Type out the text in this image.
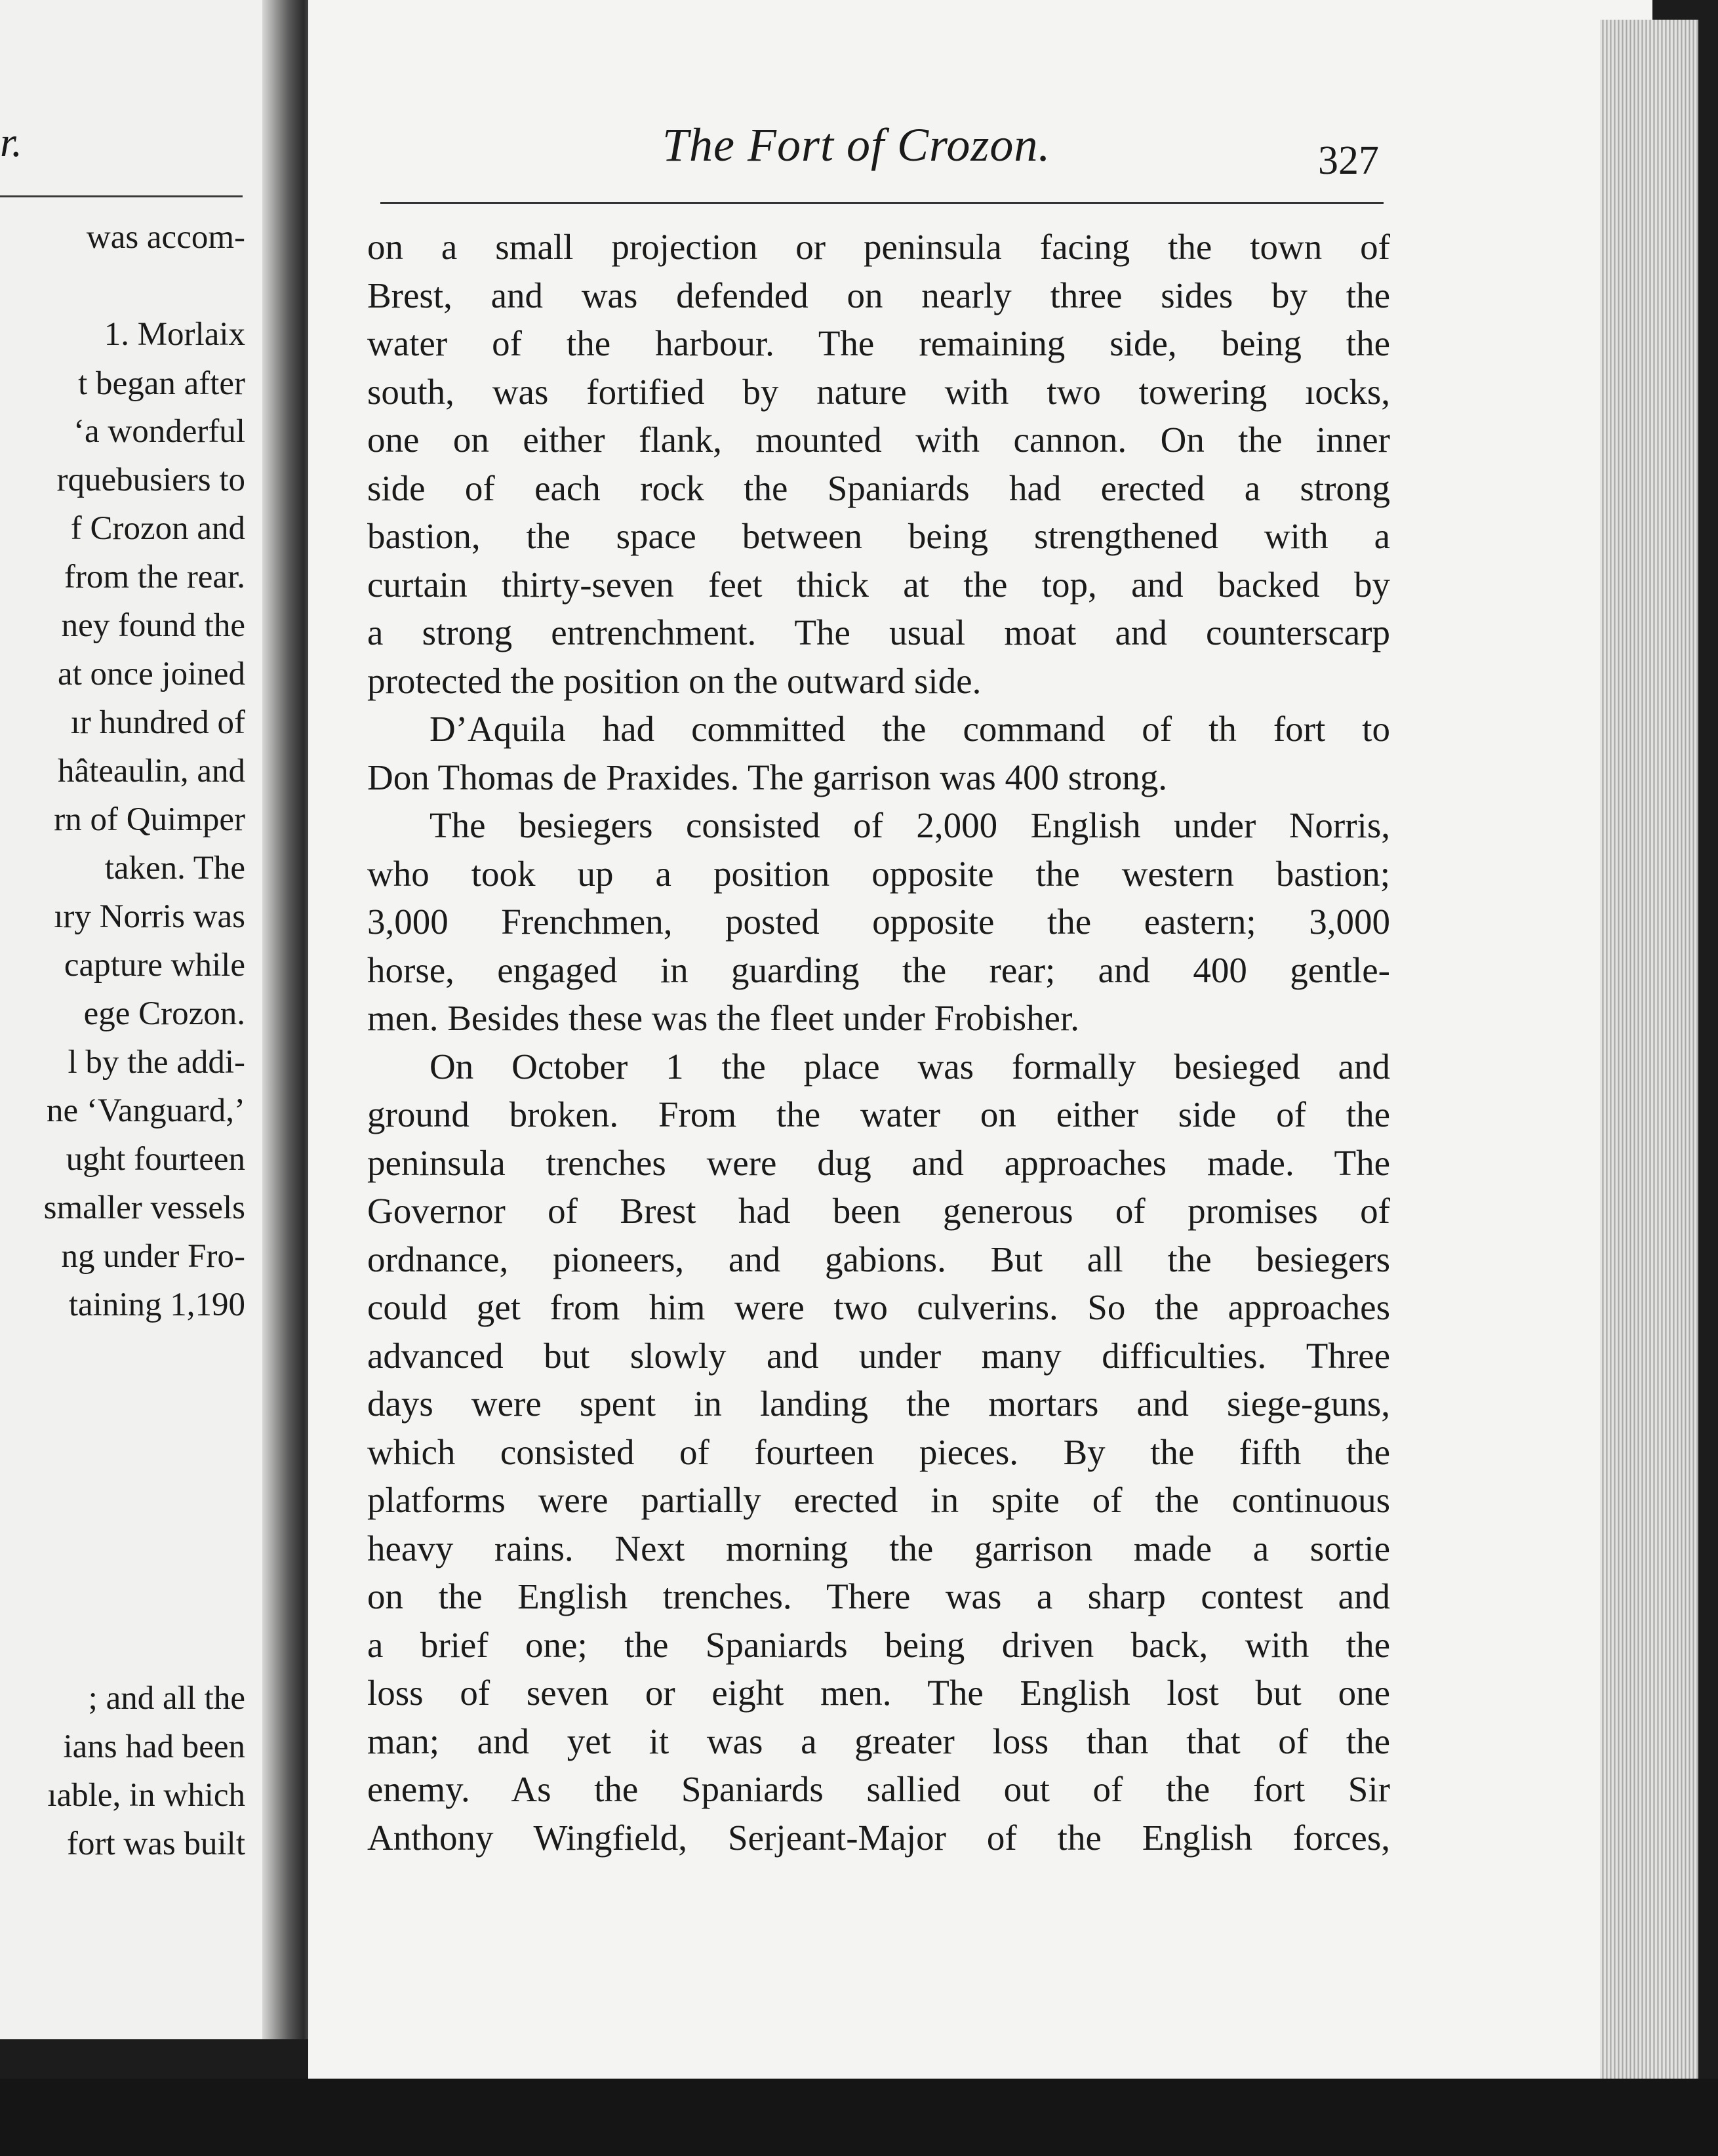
r.
was accom-
1. Morlaix
t began after
‘a wonderful
rquebusiers to
f Crozon and
from the rear.
ney found the
at once joined
ır hundred of
hâteaulin, and
rn of Quimper
taken. The
ıry Norris was
capture while
ege Crozon.
l by the addi-
ne ‘Vanguard,’
ught fourteen
smaller vessels
ng under Fro-
taining 1,190
; and all the
ians had been
ıable, in which
fort was built
The Fort of Crozon.	327
on a small projection or peninsula facing the town of
Brest, and was defended on nearly three sides by the
water of the harbour. The remaining side, being the
south, was fortified by nature with two towering ıocks,
one on either flank, mounted with cannon. On the inner
side of each rock the Spaniards had erected a strong
bastion, the space between being strengthened with a
curtain thirty-seven feet thick at the top, and backed by
a strong entrenchment. The usual moat and counterscarp
protected the position on the outward side.
D’Aquila had committed the command of th fort to
Don Thomas de Praxides. The garrison was 400 strong.
The besiegers consisted of 2,000 English under Norris,
who took up a position opposite the western bastion;
3,000 Frenchmen, posted opposite the eastern; 3,000
horse, engaged in guarding the rear; and 400 gentle-
men. Besides these was the fleet under Frobisher.
On October 1 the place was formally besieged and
ground broken. From the water on either side of the
peninsula trenches were dug and approaches made. The
Governor of Brest had been generous of promises of
ordnance, pioneers, and gabions. But all the besiegers
could get from him were two culverins. So the approaches
advanced but slowly and under many difficulties. Three
days were spent in landing the mortars and siege-guns,
which consisted of fourteen pieces. By the fifth the
platforms were partially erected in spite of the continuous
heavy rains. Next morning the garrison made a sortie
on the English trenches. There was a sharp contest and
a brief one; the Spaniards being driven back, with the
loss of seven or eight men. The English lost but one
man; and yet it was a greater loss than that of the
enemy. As the Spaniards sallied out of the fort Sir
Anthony Wingfield, Serjeant-Major of the English forces,
